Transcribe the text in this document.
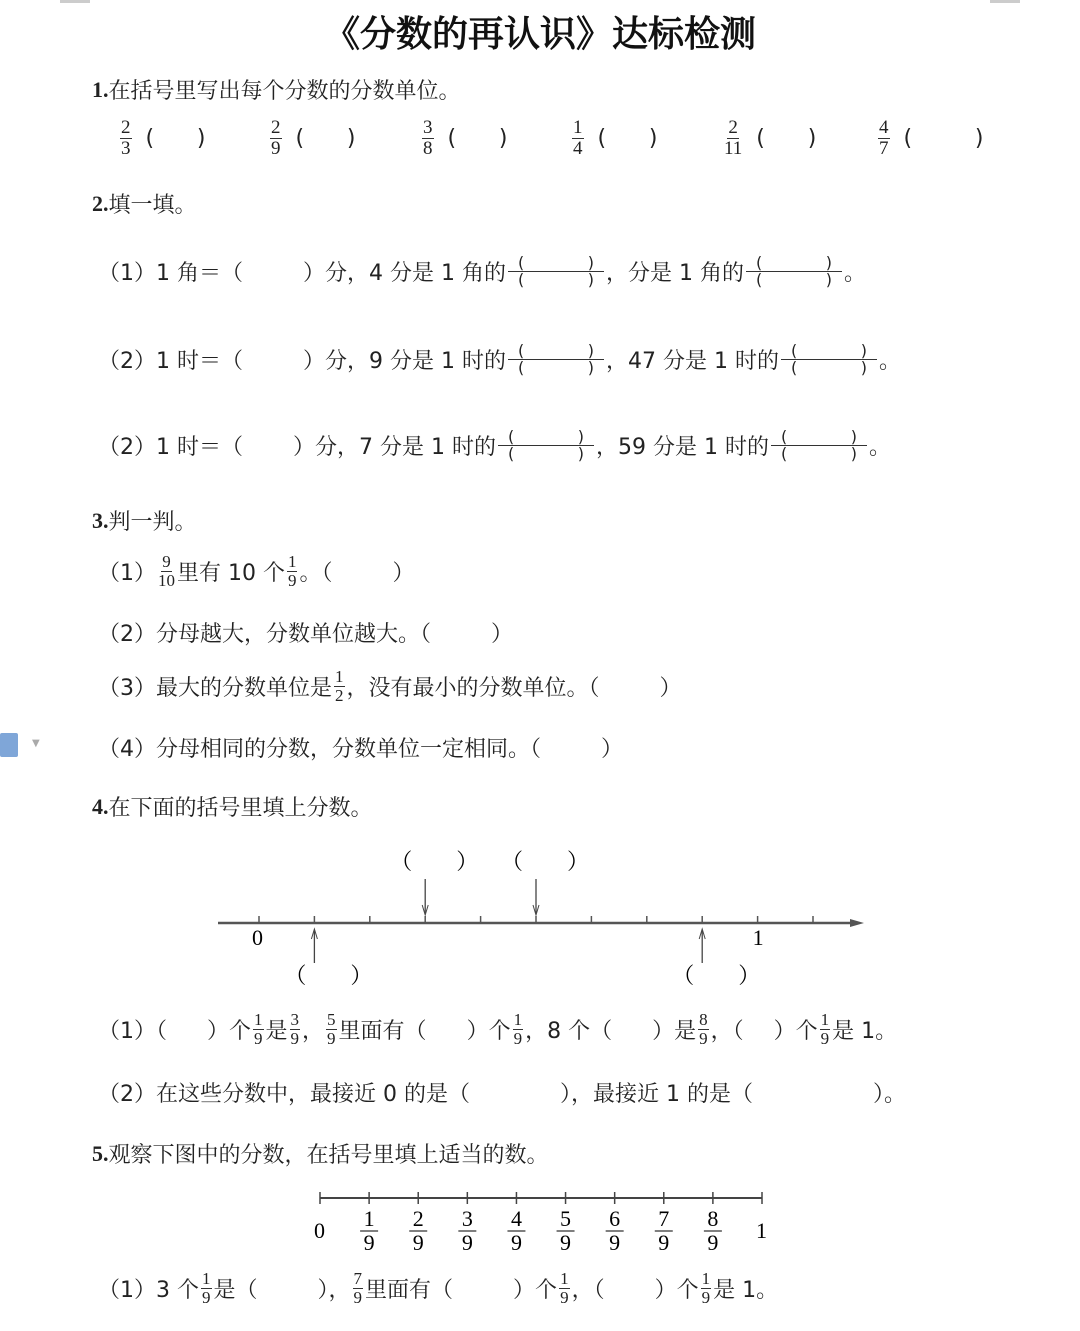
▼
《分数的再认识》达标检测
1. 在括号里写出每个分数的分数单位。
$\frac{2}{3}$ ( )	$\frac{2}{9}$ ( )	$\frac{3}{8}$ ( )	$\frac{1}{4}$ ( )	$\frac{2}{11}$ ( )	$\frac{4}{7}$ (	)
2. 填一填。
（1）1 角＝（	）分，4 分是 1 角的 (	)
(	) ，分是 1 角的 (	)
(	) 。
（2）1 时＝（	）分，9 分是 1 时的 (	)
(	) ，47 分是 1 时的 (	)
(	) 。
（2）1 时＝（ ）分，7 分是 1 时的 (	)
(	) ，59 分是 1 时的 (	)
(	) 。
3. 判一判。
$(1) \frac{9}{10}$ 里有 10 个 $\frac{1}{9}$ 。（	）
（2）分母越大，分数单位越大。（	）
（3）最大的分数单位是 $\frac{1}{2}$ ，没有最小的分数单位。（	）
（4）分母相同的分数，分数单位一定相同。（	）
4. 在下面的括号里填上分数。
0	1
（　　）
（　　） （　　）
（　　）
（1）（ ）个 $\frac{1}{9}$ 是 $\frac{3}{9}$ ， $\frac{5}{9}$ 里面有（ ）个 $\frac{1}{9}$ ，8 个（ ）是 $\frac{8}{9}$ ，（ ）个 $\frac{1}{9}$ 是 1。
（2）在这些分数中，最接近 0 的是（	），最接近 1 的是（	）。
5. 观察下图中的分数，在括号里填上适当的数。
0	1
1
9
2
9
3
9
4
9
5
9
6
9
7
9
8
9
（1）3 个 $\frac{1}{9}$ 是（	）， $\frac{7}{9}$ 里面有（	）个 $\frac{1}{9}$ ，（ ）个 $\frac{1}{9}$ 是 1。
